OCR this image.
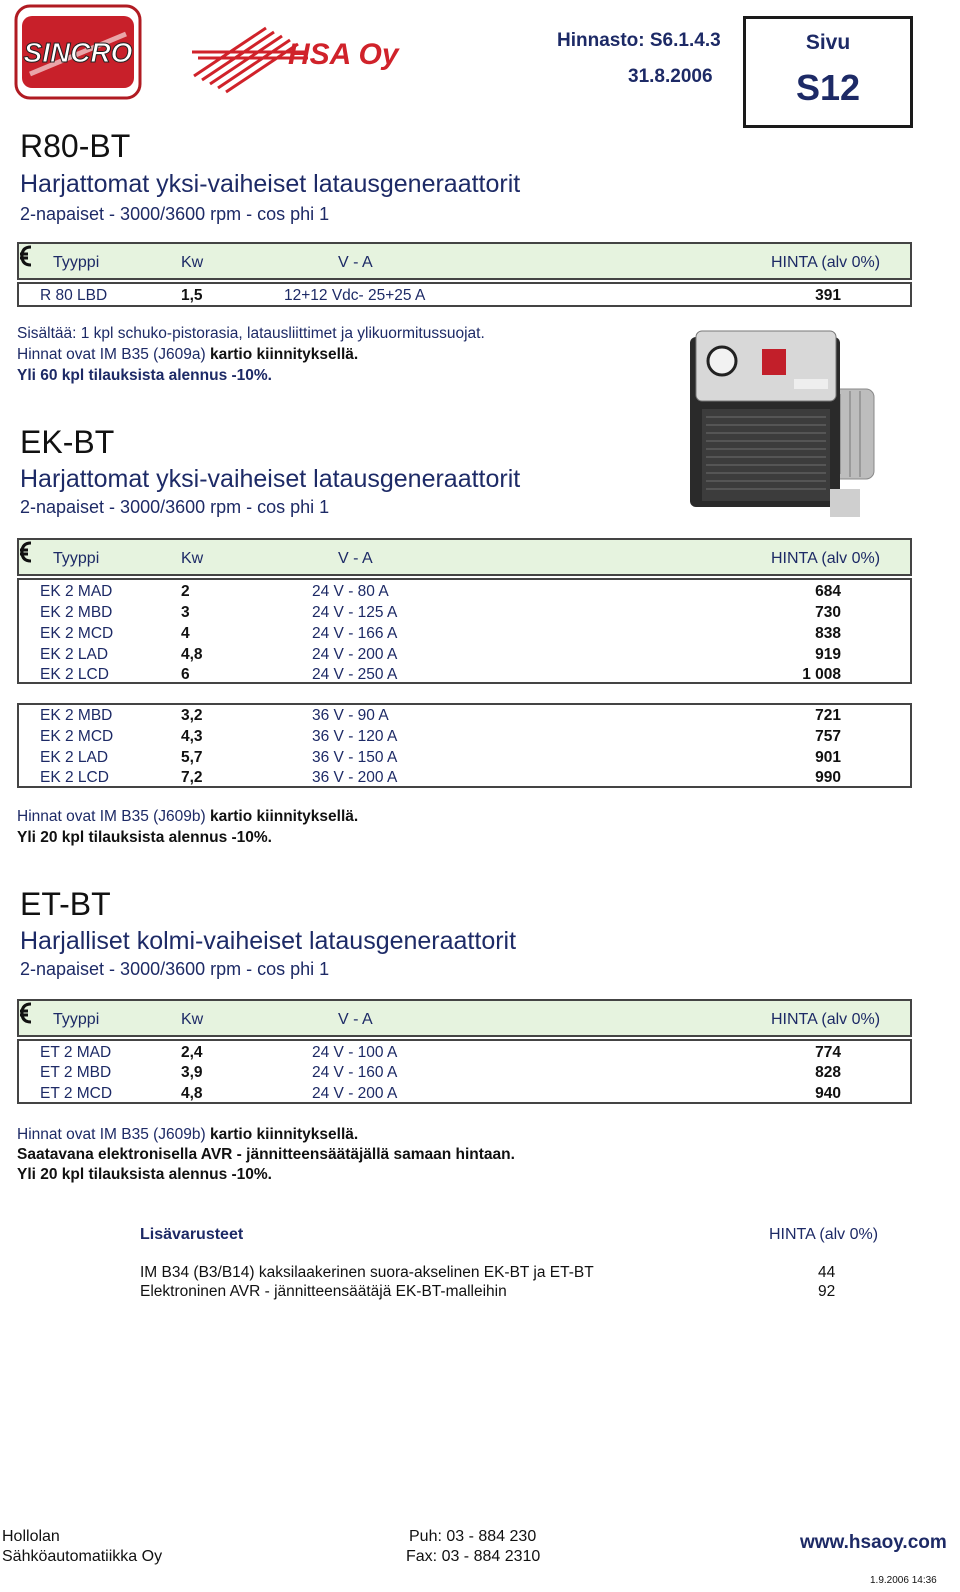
SINCRO	HSA Oy	Hinnasto: S6.1.4.3
31.8.2006
Sivu
S12
R80-BT
Harjattomat yksi-vaiheiset latausgeneraattorit
2-napaiset - 3000/3600 rpm - cos phi 1
Tyyppi	Kw	V - A	HINTA (alv 0%)
R 80 LBD	1,5	12+12 Vdc- 25+25 A	391
Sisältää: 1 kpl schuko-pistorasia, latausliittimet ja ylikuormitussuojat.
Hinnat ovat IM B35 (J609a) kartio kiinnityksellä.
Yli 60 kpl tilauksista alennus -10%.
EK-BT
Harjattomat yksi-vaiheiset latausgeneraattorit
2-napaiset - 3000/3600 rpm - cos phi 1
Tyyppi	Kw	V - A	HINTA (alv 0%)
EK 2 MAD	2	24 V - 80 A	684
EK 2 MBD	3	24 V - 125 A	730
EK 2 MCD	4	24 V - 166 A	838
EK 2 LAD	4,8	24 V - 200 A	919
EK 2 LCD	6	24 V - 250 A	1 008
EK 2 MBD	3,2	36 V - 90 A	721
EK 2 MCD	4,3	36 V - 120 A	757
EK 2 LAD	5,7	36 V - 150 A	901
EK 2 LCD	7,2	36 V - 200 A	990
Hinnat ovat IM B35 (J609b) kartio kiinnityksellä.
Yli 20 kpl tilauksista alennus -10%.
ET-BT
Harjalliset kolmi-vaiheiset latausgeneraattorit
2-napaiset - 3000/3600 rpm - cos phi 1
Tyyppi	Kw	V - A	HINTA (alv 0%)
ET 2 MAD	2,4	24 V - 100 A	774
ET 2 MBD	3,9	24 V - 160 A	828
ET 2 MCD	4,8	24 V - 200 A	940
Hinnat ovat IM B35 (J609b) kartio kiinnityksellä.
Saatavana elektronisella AVR - jännitteensäätäjällä samaan hintaan.
Yli 20 kpl tilauksista alennus -10%.
Lisävarusteet	HINTA (alv 0%)
IM B34 (B3/B14) kaksilaakerinen suora-akselinen EK-BT ja ET-BT	44
Elektroninen AVR - jännitteensäätäjä EK-BT-malleihin	92
Hollolan
Sähköautomatiikka Oy
Puh: 03 - 884 230
Fax: 03 - 884 2310
www.hsaoy.com
1.9.2006 14:36
